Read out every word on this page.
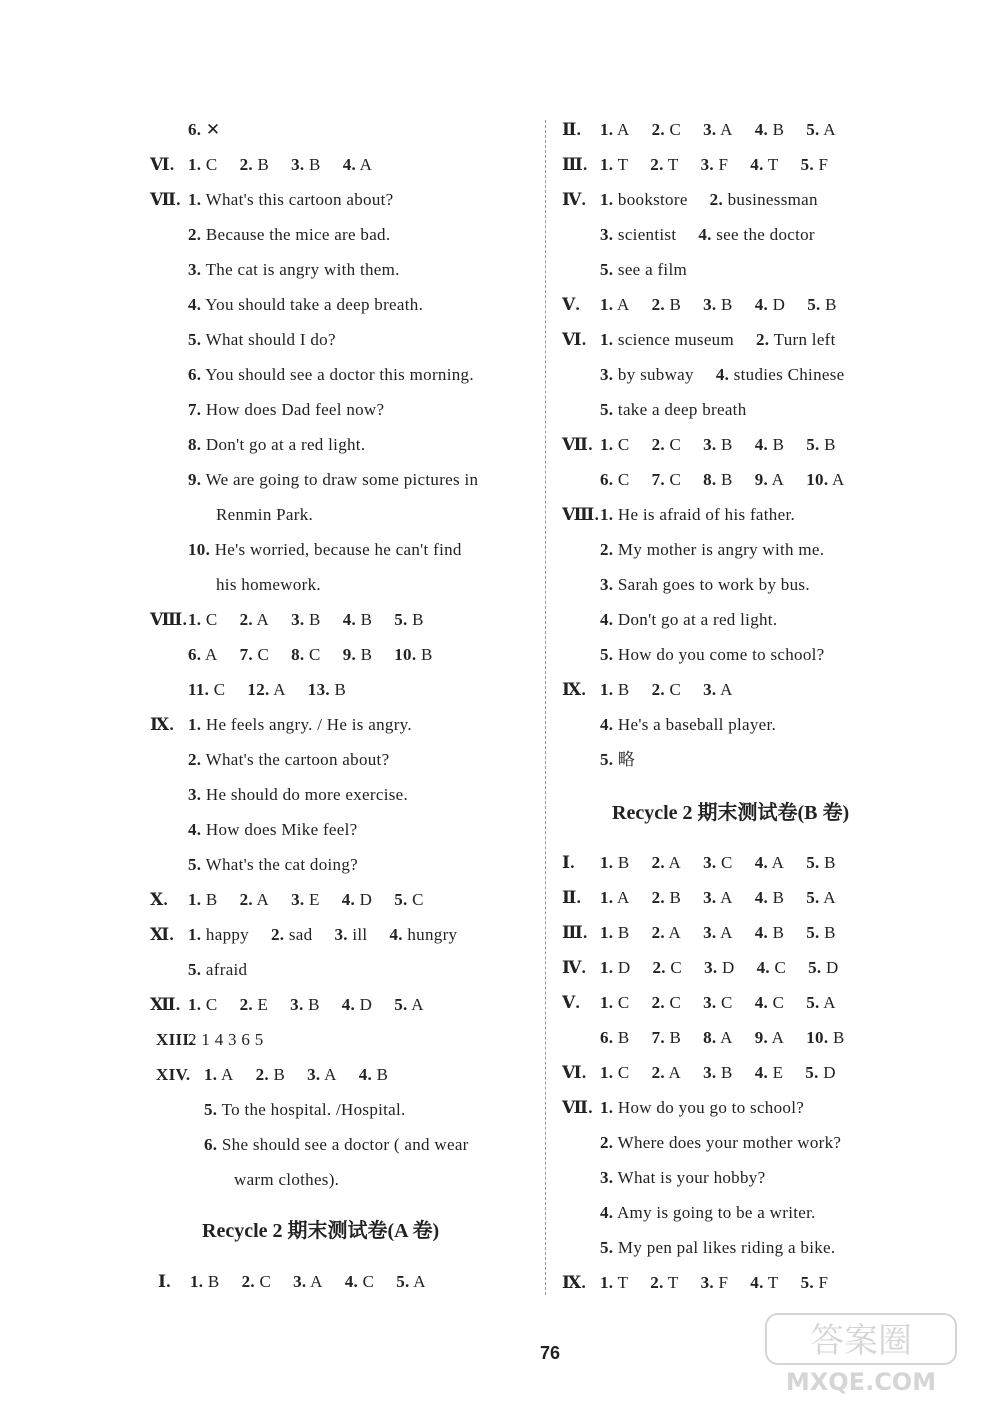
6. ✕
Ⅵ. 1. C 2. B 3. B 4. A
Ⅶ. 1. What's this cartoon about?
2. Because the mice are bad.
3. The cat is angry with them.
4. You should take a deep breath.
5. What should I do?
6. You should see a doctor this morning.
7. How does Dad feel now?
8. Don't go at a red light.
9. We are going to draw some pictures in
Renmin Park.
10. He's worried, because he can't find
his homework.
Ⅷ. 1. C 2. A 3. B 4. B 5. B
6. A 7. C 8. C 9. B 10. B
11. C 12. A 13. B
Ⅸ. 1. He feels angry. / He is angry.
2. What's the cartoon about?
3. He should do more exercise.
4. How does Mike feel?
5. What's the cat doing?
Ⅹ. 1. B 2. A 3. E 4. D 5. C
Ⅺ. 1. happy 2. sad 3. ill 4. hungry
5. afraid
Ⅻ. 1. C 2. E 3. B 4. D 5. A
XIII.
2 1 4 3 6 5
XIV. 1. A 2. B 3. A 4. B
5. To the hospital. /Hospital.
6. She should see a doctor ( and wear
warm clothes).
Recycle 2 期末测试卷(A 卷)
Ⅰ. 1. B 2. C 3. A 4. C 5. A
Ⅱ. 1. A 2. C 3. A 4. B 5. A
Ⅲ. 1. T 2. T 3. F 4. T 5. F
Ⅳ. 1. bookstore 2. businessman
3. scientist 4. see the doctor
5. see a film
Ⅴ. 1. A 2. B 3. B 4. D 5. B
Ⅵ. 1. science museum 2. Turn left
3. by subway 4. studies Chinese
5. take a deep breath
Ⅶ. 1. C 2. C 3. B 4. B 5. B
6. C 7. C 8. B 9. A 10. A
Ⅷ. 1. He is afraid of his father.
2. My mother is angry with me.
3. Sarah goes to work by bus.
4. Don't go at a red light.
5. How do you come to school?
Ⅸ. 1. B 2. C 3. A
4. He's a baseball player.
5. 略
Recycle 2 期末测试卷(B 卷)
Ⅰ. 1. B 2. A 3. C 4. A 5. B
Ⅱ. 1. A 2. B 3. A 4. B 5. A
Ⅲ. 1. B 2. A 3. A 4. B 5. B
Ⅳ. 1. D 2. C 3. D 4. C 5. D
Ⅴ. 1. C 2. C 3. C 4. C 5. A
6. B 7. B 8. A 9. A 10. B
Ⅵ. 1. C 2. A 3. B 4. E 5. D
Ⅶ. 1. How do you go to school?
2. Where does your mother work?
3. What is your hobby?
4. Amy is going to be a writer.
5. My pen pal likes riding a bike.
Ⅸ. 1. T 2. T 3. F 4. T 5. F
76	答案圈
MXQE.COM
